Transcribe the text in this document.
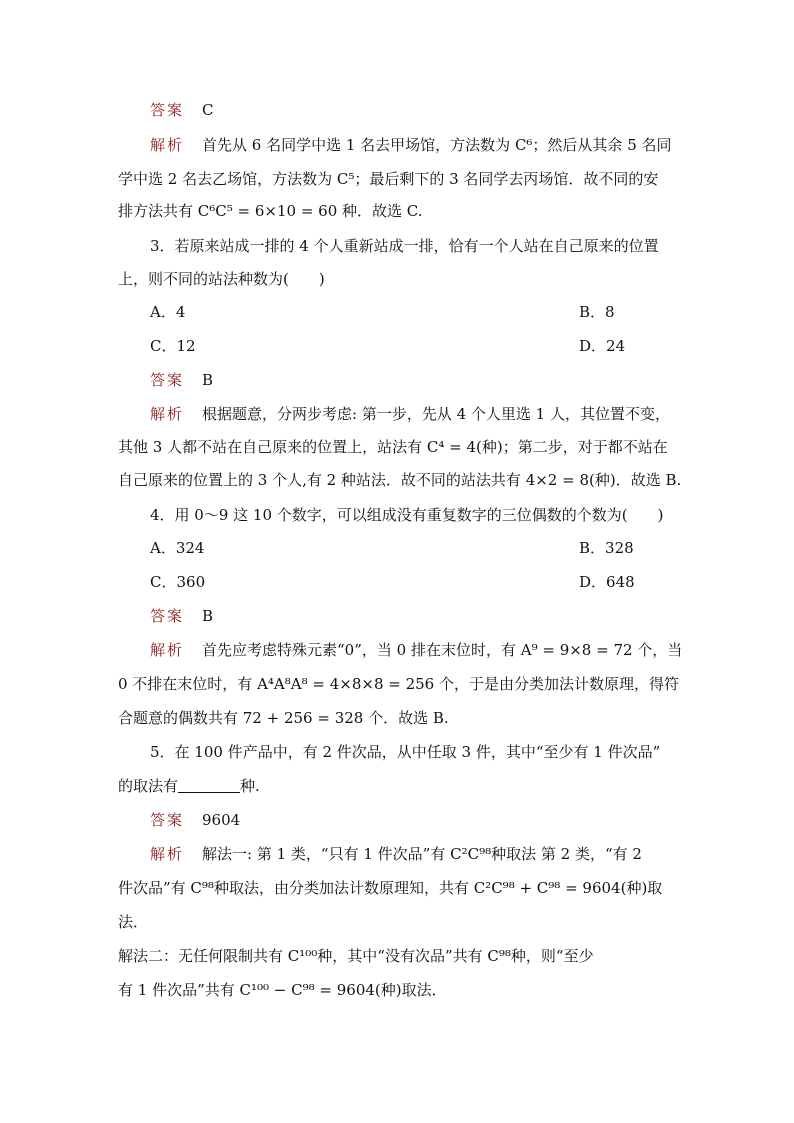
答案 C
解析 首先从 6 名同学中选 1 名去甲场馆，方法数为 C⁶；然后从其余 5 名同
学中选 2 名去乙场馆，方法数为 C⁵；最后剩下的 3 名同学去丙场馆．故不同的安
排方法共有 C⁶C⁵ = 6×10 = 60 种．故选 C.
3．若原来站成一排的 4 个人重新站成一排，恰有一个人站在自己原来的位置
上，则不同的站法种数为(　　)
A．4	B．8
C．12	D．24
答案 B
解析 根据题意，分两步考虑: 第一步，先从 4 个人里选 1 人，其位置不变，
其他 3 人都不站在自己原来的位置上，站法有 C⁴ = 4(种)；第二步，对于都不站在
自己原来的位置上的 3 个人,有 2 种站法．故不同的站法共有 4×2 = 8(种)．故选 B.
4．用 0～9 这 10 个数字，可以组成没有重复数字的三位偶数的个数为(　　)
A．324	B．328
C．360	D．648
答案 B
解析 首先应考虑特殊元素“0”，当 0 排在末位时，有 A⁹ = 9×8 = 72 个，当
0 不排在末位时，有 A⁴A⁸A⁸ = 4×8×8 = 256 个，于是由分类加法计数原理，得符
合题意的偶数共有 72 + 256 = 328 个．故选 B.
5．在 100 件产品中，有 2 件次品，从中任取 3 件，其中“至少有 1 件次品”
的取法有	种.
答案 9604
解析 解法一: 第 1 类，“只有 1 件次品”有 C²C⁹⁸种取法 第 2 类，“有 2
件次品”有 C⁹⁸种取法，由分类加法计数原理知，共有 C²C⁹⁸ + C⁹⁸ = 9604(种)取
法．
解法二：无任何限制共有 C¹⁰⁰种，其中“没有次品”共有 C⁹⁸种，则“至少
有 1 件次品”共有 C¹⁰⁰ − C⁹⁸ = 9604(种)取法．
